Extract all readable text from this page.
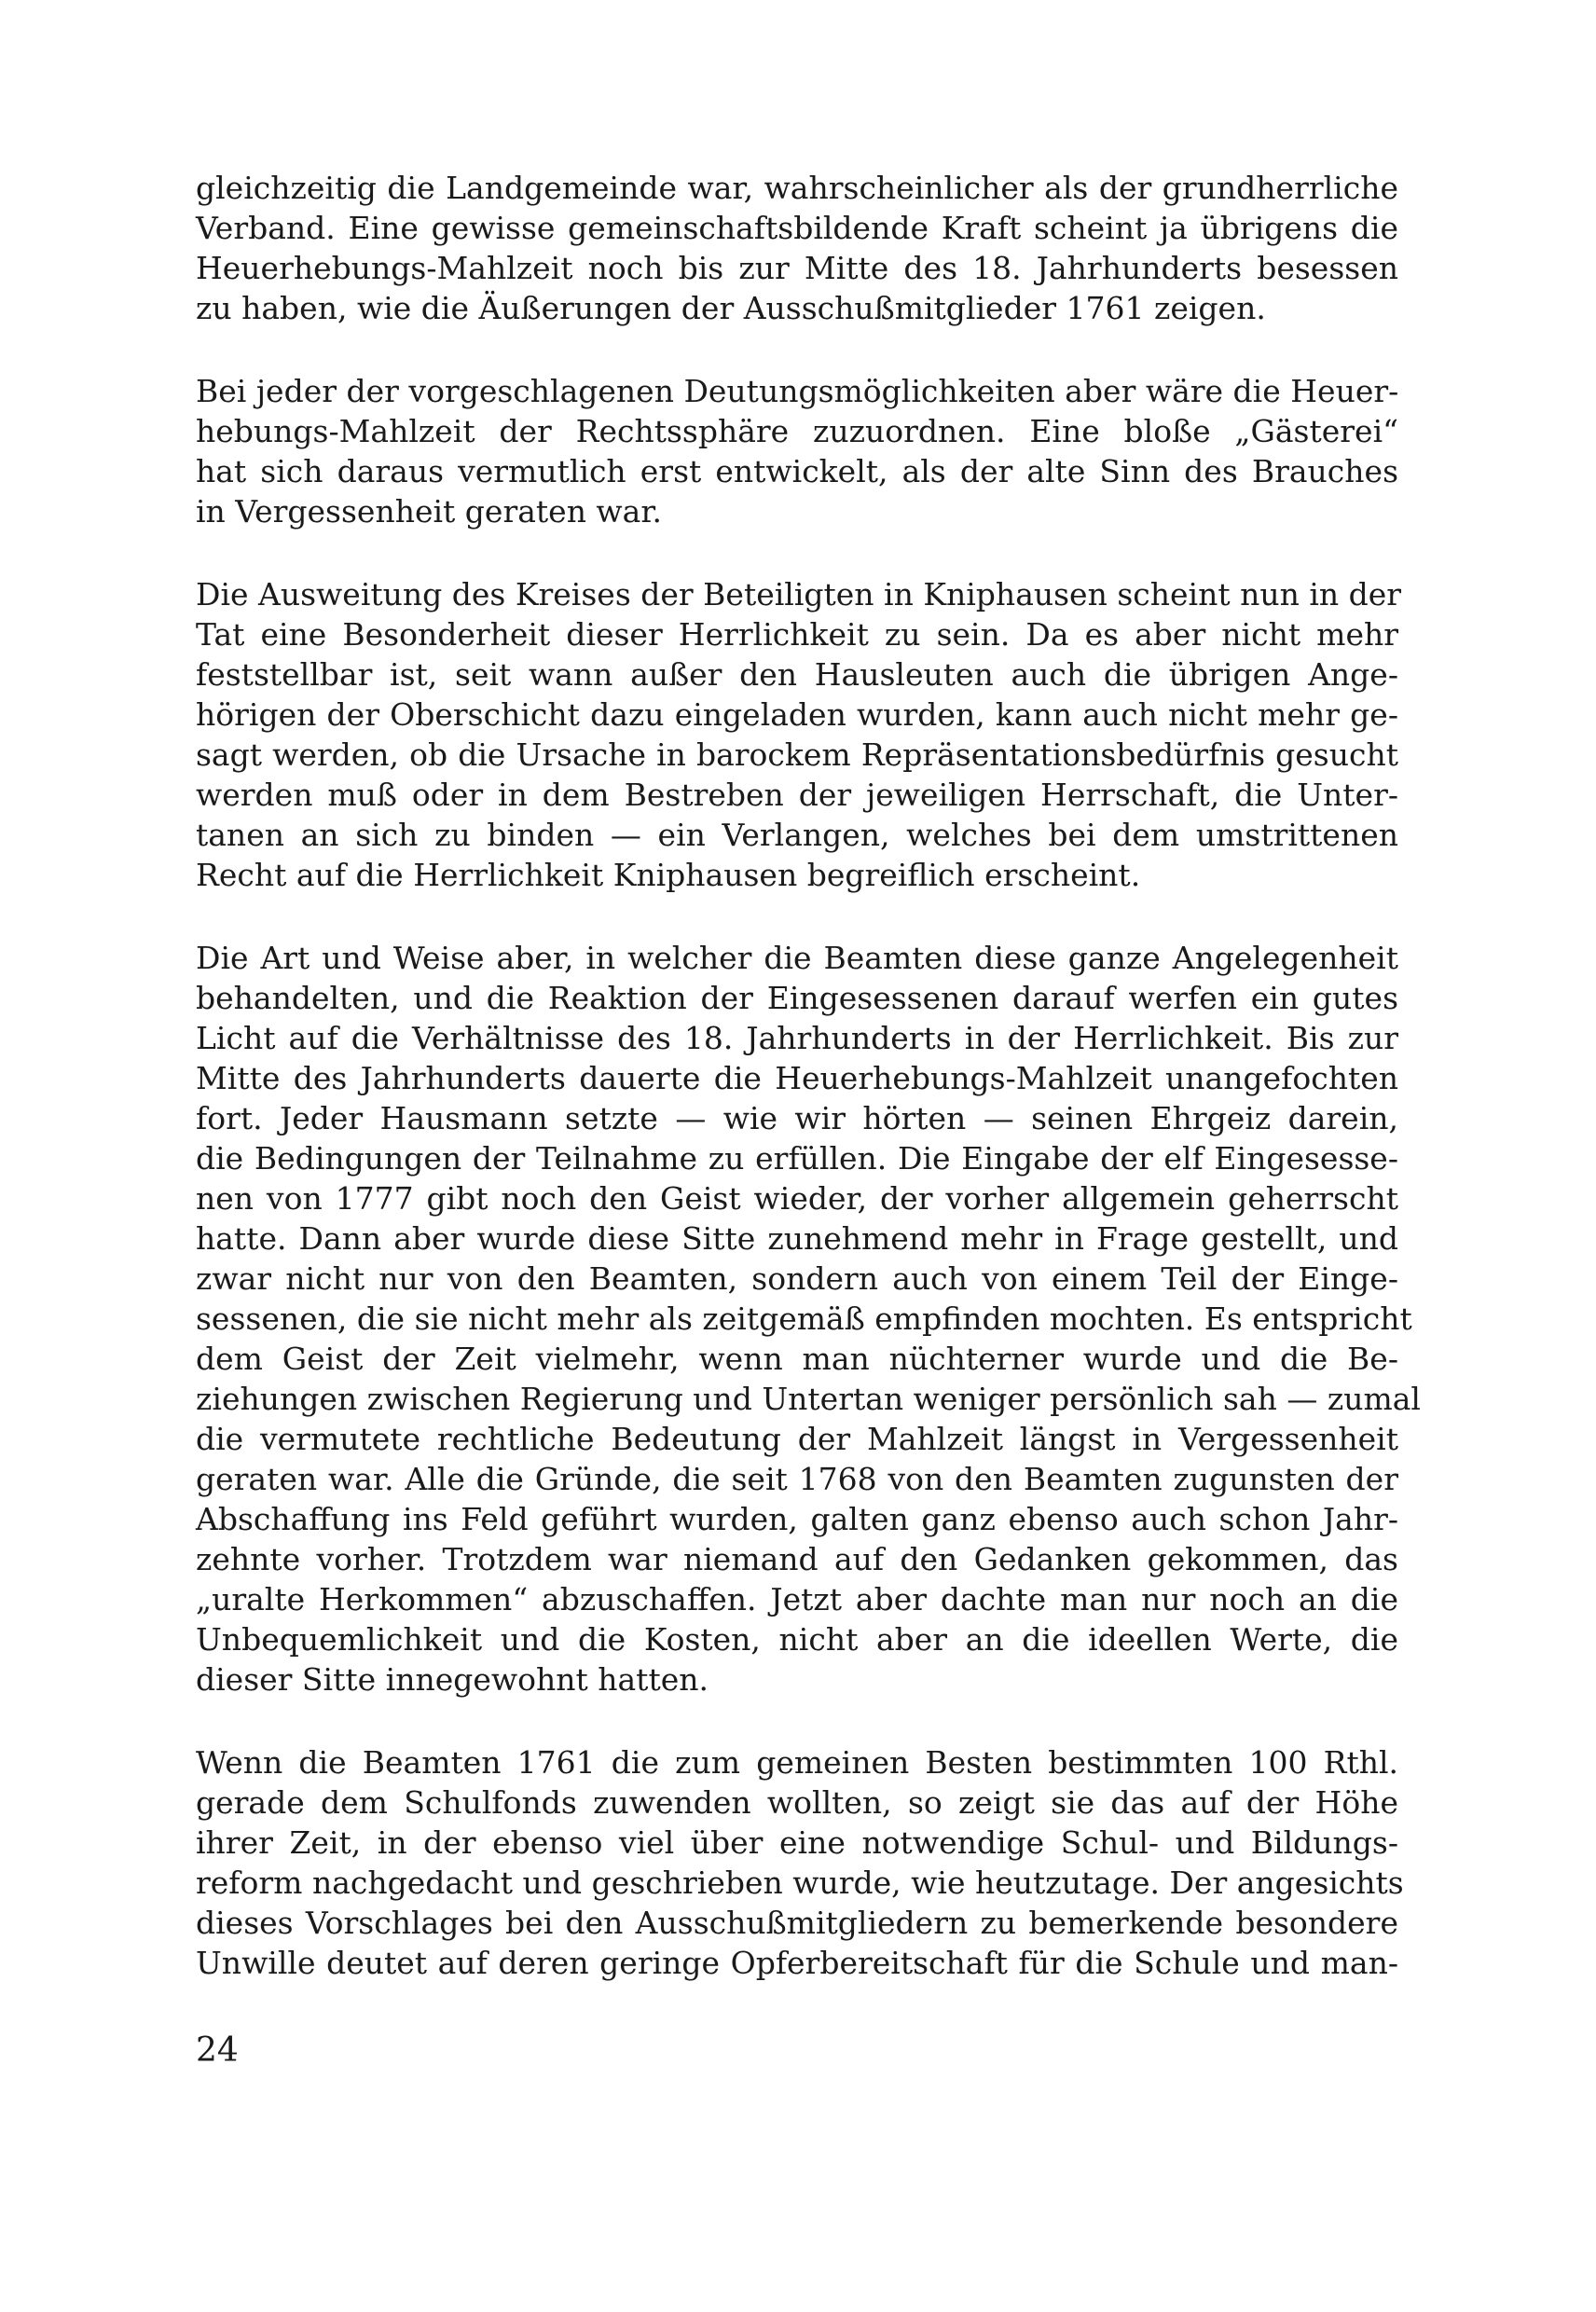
gleichzeitig die Landgemeinde war, wahrscheinlicher als der grundherrliche
Verband. Eine gewisse gemeinschaftsbildende Kraft scheint ja übrigens die
Heuerhebungs-Mahlzeit noch bis zur Mitte des 18. Jahrhunderts besessen
zu haben, wie die Äußerungen der Ausschußmitglieder 1761 zeigen.
Bei jeder der vorgeschlagenen Deutungsmöglichkeiten aber wäre die Heuer-
hebungs-Mahlzeit der Rechtssphäre zuzuordnen. Eine bloße „Gästerei“
hat sich daraus vermutlich erst entwickelt, als der alte Sinn des Brauches
in Vergessenheit geraten war.
Die Ausweitung des Kreises der Beteiligten in Kniphausen scheint nun in der
Tat eine Besonderheit dieser Herrlichkeit zu sein. Da es aber nicht mehr
feststellbar ist, seit wann außer den Hausleuten auch die übrigen Ange-
hörigen der Oberschicht dazu eingeladen wurden, kann auch nicht mehr ge-
sagt werden, ob die Ursache in barockem Repräsentationsbedürfnis gesucht
werden muß oder in dem Bestreben der jeweiligen Herrschaft, die Unter-
tanen an sich zu binden — ein Verlangen, welches bei dem umstrittenen
Recht auf die Herrlichkeit Kniphausen begreiflich erscheint.
Die Art und Weise aber, in welcher die Beamten diese ganze Angelegenheit
behandelten, und die Reaktion der Eingesessenen darauf werfen ein gutes
Licht auf die Verhältnisse des 18. Jahrhunderts in der Herrlichkeit. Bis zur
Mitte des Jahrhunderts dauerte die Heuerhebungs-Mahlzeit unangefochten
fort. Jeder Hausmann setzte — wie wir hörten — seinen Ehrgeiz darein,
die Bedingungen der Teilnahme zu erfüllen. Die Eingabe der elf Eingesesse-
nen von 1777 gibt noch den Geist wieder, der vorher allgemein geherrscht
hatte. Dann aber wurde diese Sitte zunehmend mehr in Frage gestellt, und
zwar nicht nur von den Beamten, sondern auch von einem Teil der Einge-
sessenen, die sie nicht mehr als zeitgemäß empfinden mochten. Es entspricht
dem Geist der Zeit vielmehr, wenn man nüchterner wurde und die Be-
ziehungen zwischen Regierung und Untertan weniger persönlich sah — zumal
die vermutete rechtliche Bedeutung der Mahlzeit längst in Vergessenheit
geraten war. Alle die Gründe, die seit 1768 von den Beamten zugunsten der
Abschaffung ins Feld geführt wurden, galten ganz ebenso auch schon Jahr-
zehnte vorher. Trotzdem war niemand auf den Gedanken gekommen, das
„uralte Herkommen“ abzuschaffen. Jetzt aber dachte man nur noch an die
Unbequemlichkeit und die Kosten, nicht aber an die ideellen Werte, die
dieser Sitte innegewohnt hatten.
Wenn die Beamten 1761 die zum gemeinen Besten bestimmten 100 Rthl.
gerade dem Schulfonds zuwenden wollten, so zeigt sie das auf der Höhe
ihrer Zeit, in der ebenso viel über eine notwendige Schul- und Bildungs-
reform nachgedacht und geschrieben wurde, wie heutzutage. Der angesichts
dieses Vorschlages bei den Ausschußmitgliedern zu bemerkende besondere
Unwille deutet auf deren geringe Opferbereitschaft für die Schule und man-

24
